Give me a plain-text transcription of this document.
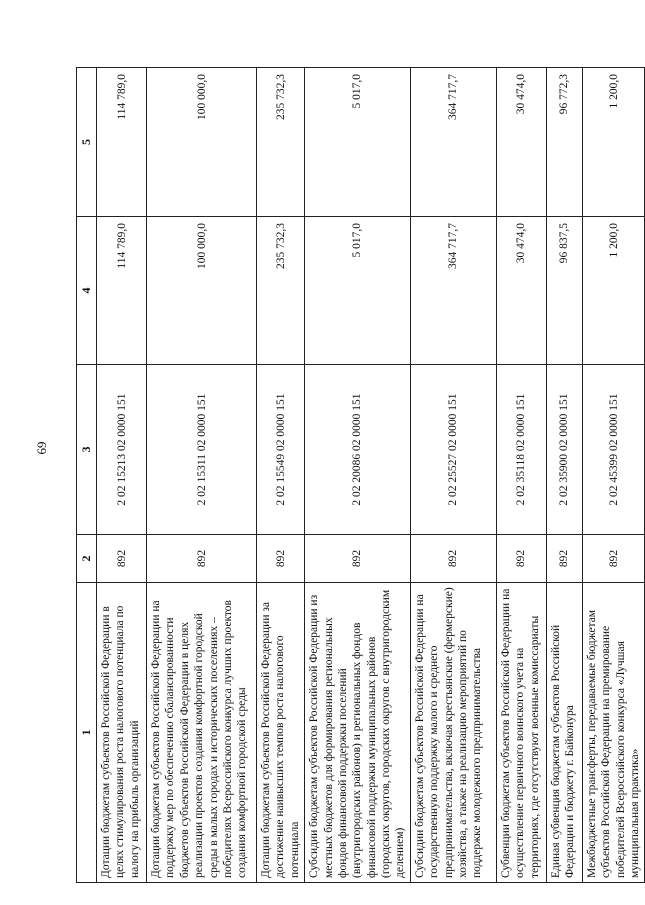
69
1	2	3	4	5
Дотации бюджетам субъектов Российской Федерации в целях стимулирования роста налогового потенциала по налогу на прибыль организаций	892	2 02 15213 02 0000 151	114 789,0	114 789,0
Дотации бюджетам субъектов Российской Федерации на поддержку мер по обеспечению сбалансированности бюджетов субъектов Российской Федерации в целях реализации проектов создания комфортной городской среды в малых городах и исторических поселениях – победителях Всероссийского конкурса лучших проектов создания комфортной городской среды	892	2 02 15311 02 0000 151	100 000,0	100 000,0
Дотации бюджетам субъектов Российской Федерации за достижение наивысших темпов роста налогового потенциала	892	2 02 15549 02 0000 151	235 732,3	235 732,3
Субсидии бюджетам субъектов Российской Федерации из местных бюджетов для формирования региональных фондов финансовой поддержки поселений (внутригородских районов) и региональных фондов финансовой поддержки муниципальных районов (городских округов, городских округов с внутригородским делением)	892	2 02 20086 02 0000 151	5 017,0	5 017,0
Субсидии бюджетам субъектов Российской Федерации на государственную поддержку малого и среднего предпринимательства, включая крестьянские (фермерские) хозяйства, а также на реализацию мероприятий по поддержке молодежного предпринимательства	892	2 02 25527 02 0000 151	364 717,7	364 717,7
Субвенции бюджетам субъектов Российской Федерации на осуществление первичного воинского учета на территориях, где отсутствуют военные комиссариаты	892	2 02 35118 02 0000 151	30 474,0	30 474,0
Единая субвенция бюджетам субъектов Российской Федерации и бюджету г. Байконура	892	2 02 35900 02 0000 151	96 837,5	96 772,3
Межбюджетные трансферты, передаваемые бюджетам субъектов Российской Федерации на премирование победителей Всероссийского конкурса «Лучшая муниципальная практика»	892	2 02 45399 02 0000 151	1 200,0	1 200,0
